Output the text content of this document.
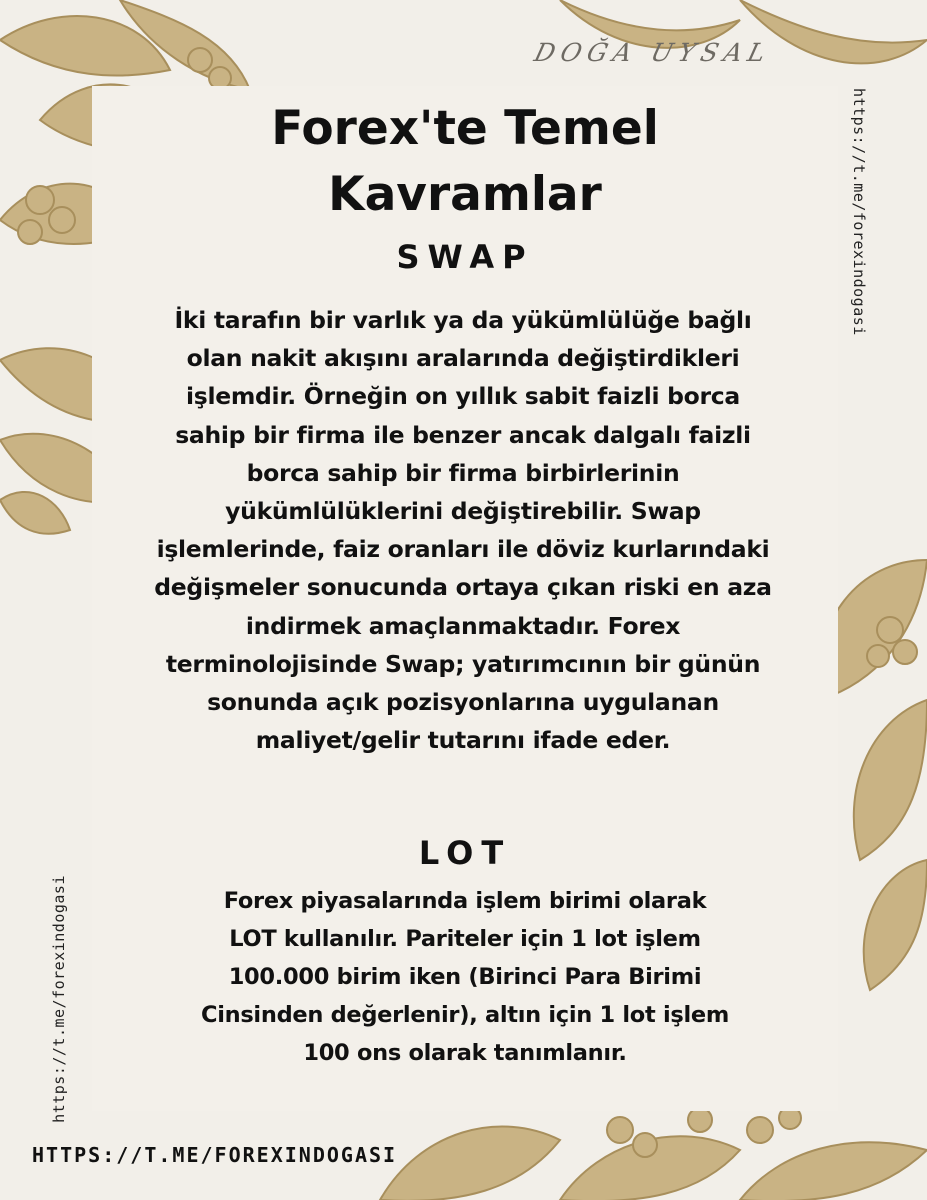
DOĞA UYSAL
https://t.me/forexindogasi
https://t.me/forexindogasi
Forex'te Temel
Kavramlar
SWAP
İki tarafın bir varlık ya da yükümlülüğe bağlı
olan nakit akışını aralarında değiştirdikleri
işlemdir. Örneğin on yıllık sabit faizli borca
sahip bir firma ile benzer ancak dalgalı faizli
borca sahip bir firma birbirlerinin
yükümlülüklerini değiştirebilir. Swap
işlemlerinde, faiz oranları ile döviz kurlarındaki
değişmeler sonucunda ortaya çıkan riski en aza
indirmek amaçlanmaktadır. Forex
terminolojisinde Swap; yatırımcının bir günün
sonunda açık pozisyonlarına uygulanan
maliyet/gelir tutarını ifade eder.
LOT
Forex piyasalarında işlem birimi olarak
LOT kullanılır. Pariteler için 1 lot işlem
100.000 birim iken (Birinci Para Birimi
Cinsinden değerlenir), altın için 1 lot işlem
100 ons olarak tanımlanır.
HTTPS://T.ME/FOREXINDOGASI
